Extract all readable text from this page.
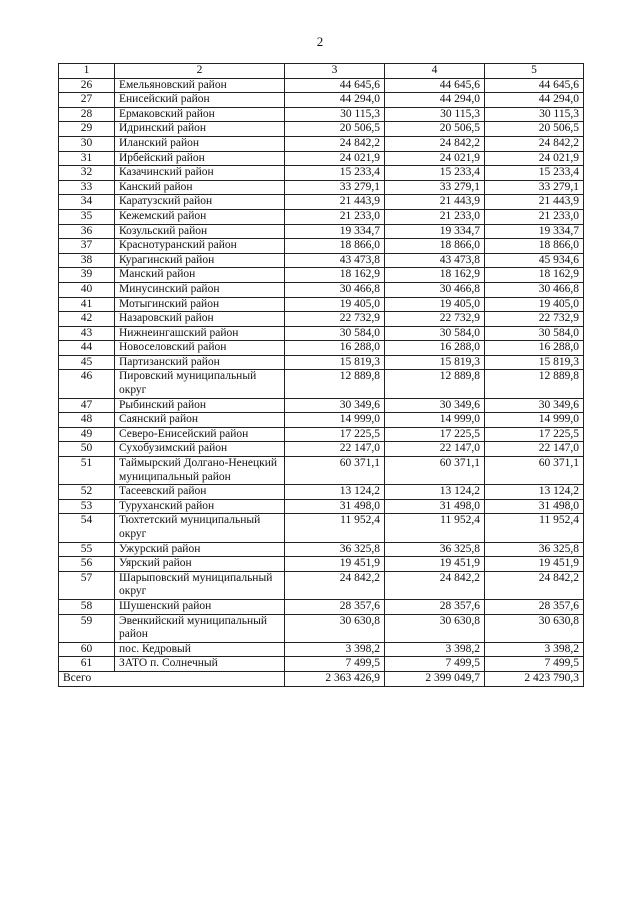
2
1	2	3	4	5
26	Емельяновский район	44 645,6	44 645,6	44 645,6
27	Енисейский район	44 294,0	44 294,0	44 294,0
28	Ермаковский район	30 115,3	30 115,3	30 115,3
29	Идринский район	20 506,5	20 506,5	20 506,5
30	Иланский район	24 842,2	24 842,2	24 842,2
31	Ирбейский район	24 021,9	24 021,9	24 021,9
32	Казачинский район	15 233,4	15 233,4	15 233,4
33	Канский район	33 279,1	33 279,1	33 279,1
34	Каратузский район	21 443,9	21 443,9	21 443,9
35	Кежемский район	21 233,0	21 233,0	21 233,0
36	Козульский район	19 334,7	19 334,7	19 334,7
37	Краснотуранский район	18 866,0	18 866,0	18 866,0
38	Курагинский район	43 473,8	43 473,8	45 934,6
39	Манский район	18 162,9	18 162,9	18 162,9
40	Минусинский район	30 466,8	30 466,8	30 466,8
41	Мотыгинский район	19 405,0	19 405,0	19 405,0
42	Назаровский район	22 732,9	22 732,9	22 732,9
43	Нижнеингашский район	30 584,0	30 584,0	30 584,0
44	Новоселовский район	16 288,0	16 288,0	16 288,0
45	Партизанский район	15 819,3	15 819,3	15 819,3
46	Пировский муниципальный округ	12 889,8	12 889,8	12 889,8
47	Рыбинский район	30 349,6	30 349,6	30 349,6
48	Саянский район	14 999,0	14 999,0	14 999,0
49	Северо-Енисейский район	17 225,5	17 225,5	17 225,5
50	Сухобузимский район	22 147,0	22 147,0	22 147,0
51	Таймырский Долгано-Ненецкий муниципальный район	60 371,1	60 371,1	60 371,1
52	Тасеевский район	13 124,2	13 124,2	13 124,2
53	Туруханский район	31 498,0	31 498,0	31 498,0
54	Тюхтетский муниципальный округ	11 952,4	11 952,4	11 952,4
55	Ужурский район	36 325,8	36 325,8	36 325,8
56	Уярский район	19 451,9	19 451,9	19 451,9
57	Шарыповский муниципальный округ	24 842,2	24 842,2	24 842,2
58	Шушенский район	28 357,6	28 357,6	28 357,6
59	Эвенкийский муниципальный район	30 630,8	30 630,8	30 630,8
60	пос. Кедровый	3 398,2	3 398,2	3 398,2
61	ЗАТО п. Солнечный	7 499,5	7 499,5	7 499,5
Всего		2 363 426,9	2 399 049,7	2 423 790,3
